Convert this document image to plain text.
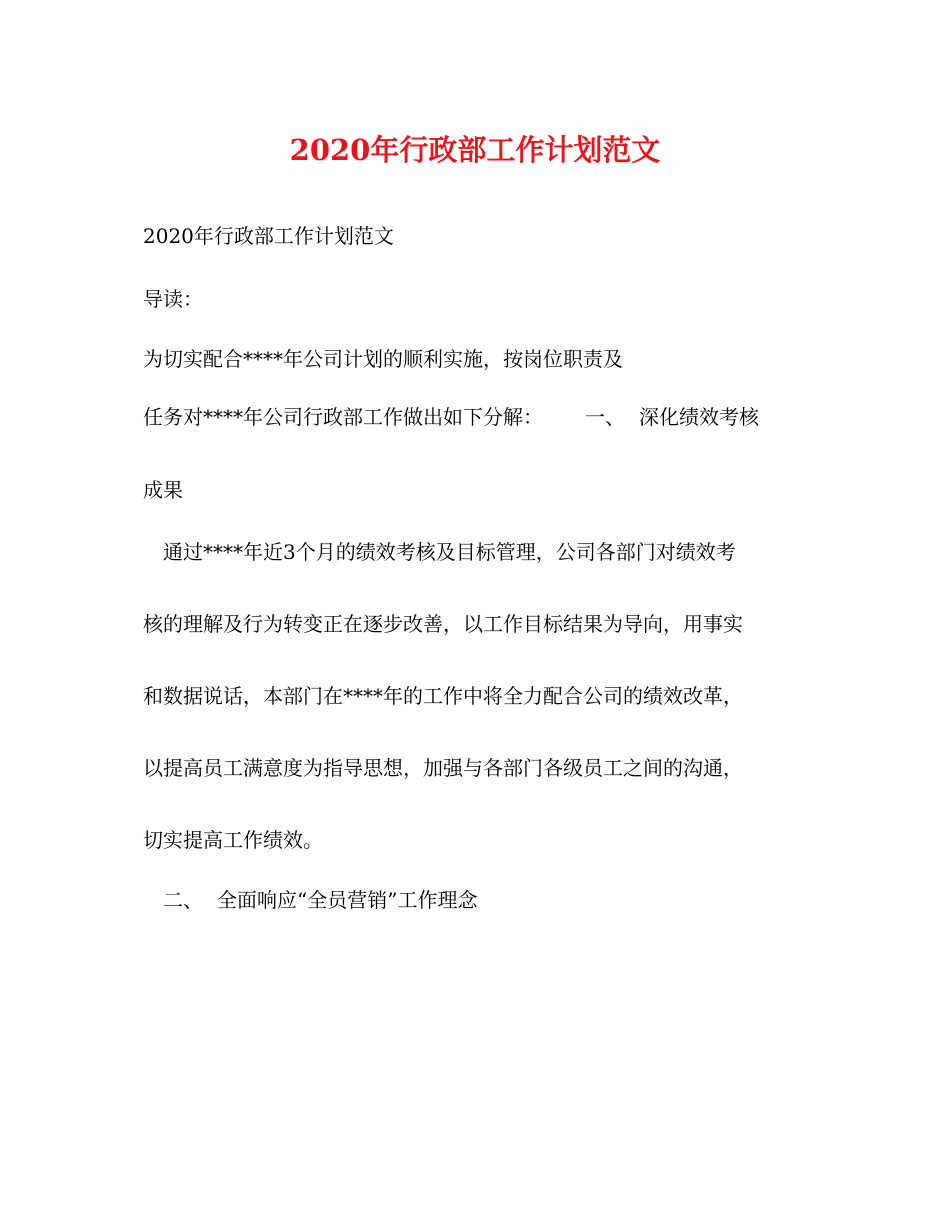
2020年行政部工作计划范文
2020年行政部工作计划范文
导读：
为切实配合****年公司计划的顺利实施，按岗位职责及
任务对****年公司行政部工作做出如下分解： 一、 深化绩效考核
成果
通过****年近3个月的绩效考核及目标管理，公司各部门对绩效考
核的理解及行为转变正在逐步改善，以工作目标结果为导向，用事实
和数据说话，本部门在****年的工作中将全力配合公司的绩效改革，
以提高员工满意度为指导思想，加强与各部门各级员工之间的沟通，
切实提高工作绩效。
二、 全面响应“全员营销”工作理念
